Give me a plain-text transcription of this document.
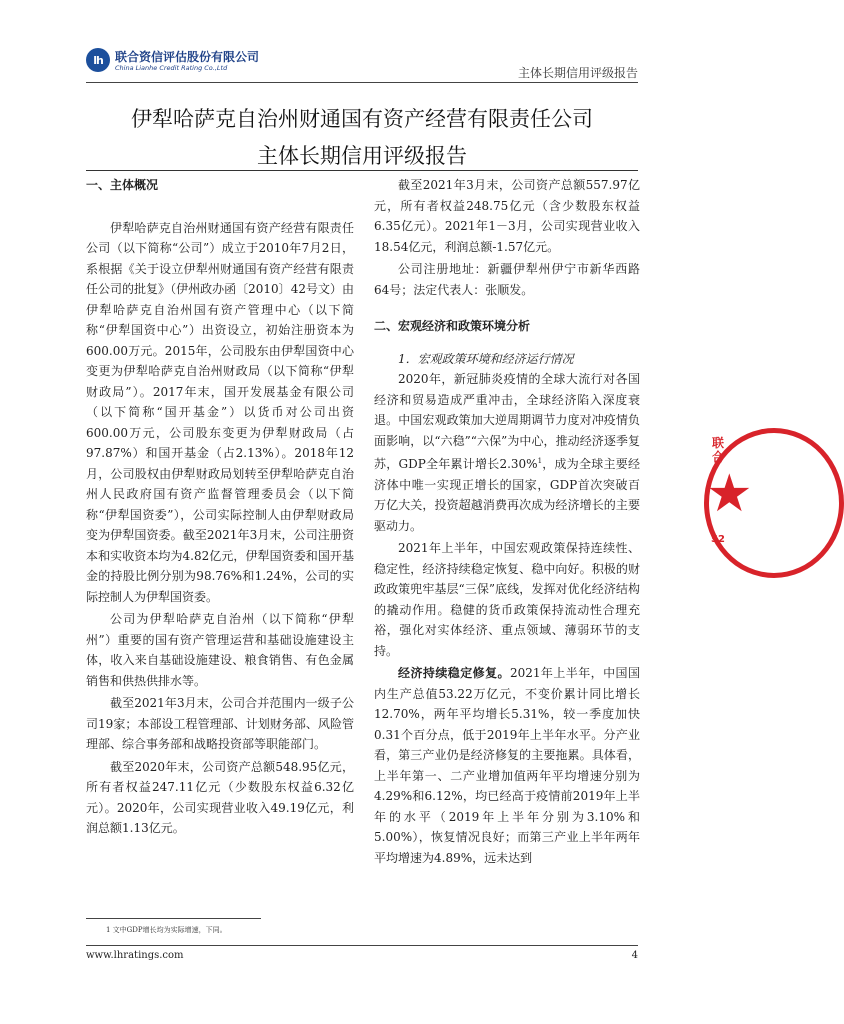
lh	联合资信评估股份有限公司
China Lianhe Credit Rating Co.,Ltd	主体长期信用评级报告
伊犁哈萨克自治州财通国有资产经营有限责任公司
主体长期信用评级报告
一、主体概况

伊犁哈萨克自治州财通国有资产经营有限责任公司（以下简称“公司”）成立于2010年7月2日，系根据《关于设立伊犁州财通国有资产经营有限责任公司的批复》（伊州政办函〔2010〕42号文）由伊犁哈萨克自治州国有资产管理中心（以下简称“伊犁国资中心”）出资设立，初始注册资本为600.00万元。2015年，公司股东由伊犁国资中心变更为伊犁哈萨克自治州财政局（以下简称“伊犁财政局”）。2017年末，国开发展基金有限公司（以下简称“国开基金”）以货币对公司出资600.00万元，公司股东变更为伊犁财政局（占97.87%）和国开基金（占2.13%）。2018年12月，公司股权由伊犁财政局划转至伊犁哈萨克自治州人民政府国有资产监督管理委员会（以下简称“伊犁国资委”），公司实际控制人由伊犁财政局变为伊犁国资委。截至2021年3月末，公司注册资本和实收资本均为4.82亿元，伊犁国资委和国开基金的持股比例分别为98.76%和1.24%，公司的实际控制人为伊犁国资委。

公司为伊犁哈萨克自治州（以下简称“伊犁州”）重要的国有资产管理运营和基础设施建设主体，收入来自基础设施建设、粮食销售、有色金属销售和供热供排水等。

截至2021年3月末，公司合并范围内一级子公司19家；本部设工程管理部、计划财务部、风险管理部、综合事务部和战略投资部等职能部门。

截至2020年末，公司资产总额548.95亿元，所有者权益247.11亿元（少数股东权益6.32亿元）。2020年，公司实现营业收入49.19亿元，利润总额1.13亿元。

截至2021年3月末，公司资产总额557.97亿元，所有者权益248.75亿元（含少数股东权益6.35亿元）。2021年1－3月，公司实现营业收入18.54亿元，利润总额-1.57亿元。

公司注册地址：新疆伊犁州伊宁市新华西路64号；法定代表人：张顺发。

二、宏观经济和政策环境分析
1．宏观政策环境和经济运行情况

2020年，新冠肺炎疫情的全球大流行对各国经济和贸易造成严重冲击，全球经济陷入深度衰退。中国宏观政策加大逆周期调节力度对冲疫情负面影响，以“六稳”“六保”为中心，推动经济逐季复苏，GDP全年累计增长2.30%$^1$，成为全球主要经济体中唯一实现正增长的国家，GDP首次突破百万亿大关，投资超越消费再次成为经济增长的主要驱动力。

2021年上半年，中国宏观政策保持连续性、稳定性，经济持续稳定恢复、稳中向好。积极的财政政策兜牢基层“三保”底线，发挥对优化经济结构的撬动作用。稳健的货币政策保持流动性合理充裕，强化对实体经济、重点领域、薄弱环节的支持。

经济持续稳定修复。2021年上半年，中国国内生产总值53.22万亿元，不变价累计同比增长12.70%，两年平均增长5.31%，较一季度加快0.31个百分点，低于2019年上半年水平。分产业看，第三产业仍是经济修复的主要拖累。具体看，上半年第一、二产业增加值两年平均增速分别为4.29%和6.12%，均已经高于疫情前2019年上半年的水平（2019年上半年分别为3.10%和5.00%），恢复情况良好；而第三产业上半年两年平均增速为4.89%，远未达到

1 文中GDP增长均为实际增速，下同。
www.lhratings.com	4
联合
★
52
